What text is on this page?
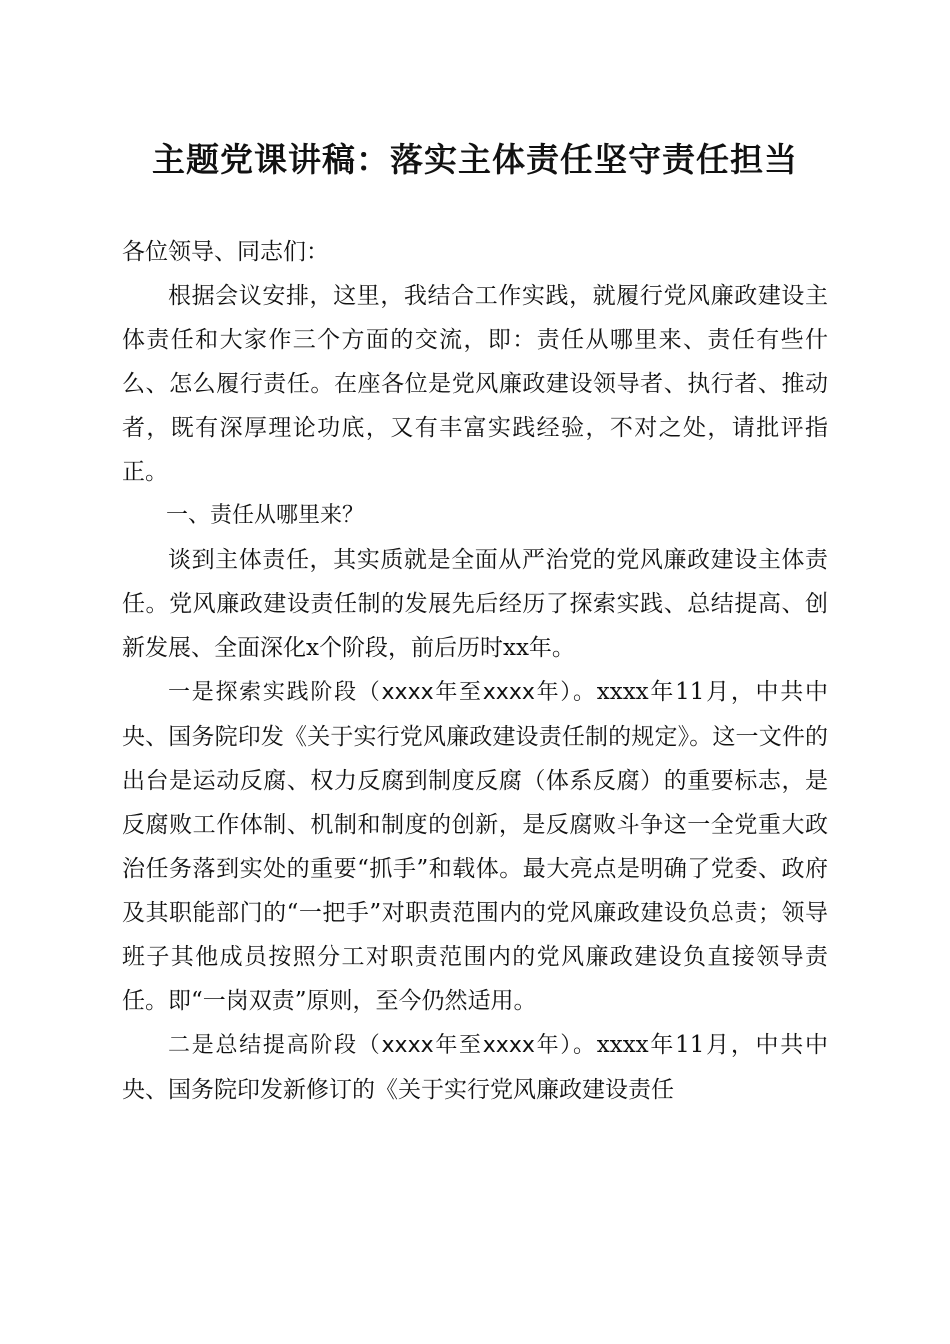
主题党课讲稿：落实主体责任坚守责任担当

各位领导、同志们：

根据会议安排，这里，我结合工作实践，就履行党风廉政建设主体责任和大家作三个方面的交流，即：责任从哪里来、责任有些什么、怎么履行责任。在座各位是党风廉政建设领导者、执行者、推动者，既有深厚理论功底，又有丰富实践经验，不对之处，请批评指正。

一、责任从哪里来？

谈到主体责任，其实质就是全面从严治党的党风廉政建设主体责任。党风廉政建设责任制的发展先后经历了探索实践、总结提高、创新发展、全面深化x个阶段，前后历时xx年。

一是探索实践阶段（xxxx年至xxxx年）。xxxx年11月，中共中央、国务院印发《关于实行党风廉政建设责任制的规定》。这一文件的出台是运动反腐、权力反腐到制度反腐（体系反腐）的重要标志，是反腐败工作体制、机制和制度的创新，是反腐败斗争这一全党重大政治任务落到实处的重要“抓手”和载体。最大亮点是明确了党委、政府及其职能部门的“一把手”对职责范围内的党风廉政建设负总责；领导班子其他成员按照分工对职责范围内的党风廉政建设负直接领导责任。即“一岗双责”原则，至今仍然适用。

二是总结提高阶段（xxxx年至xxxx年）。xxxx年11月，中共中央、国务院印发新修订的《关于实行党风廉政建设责任
